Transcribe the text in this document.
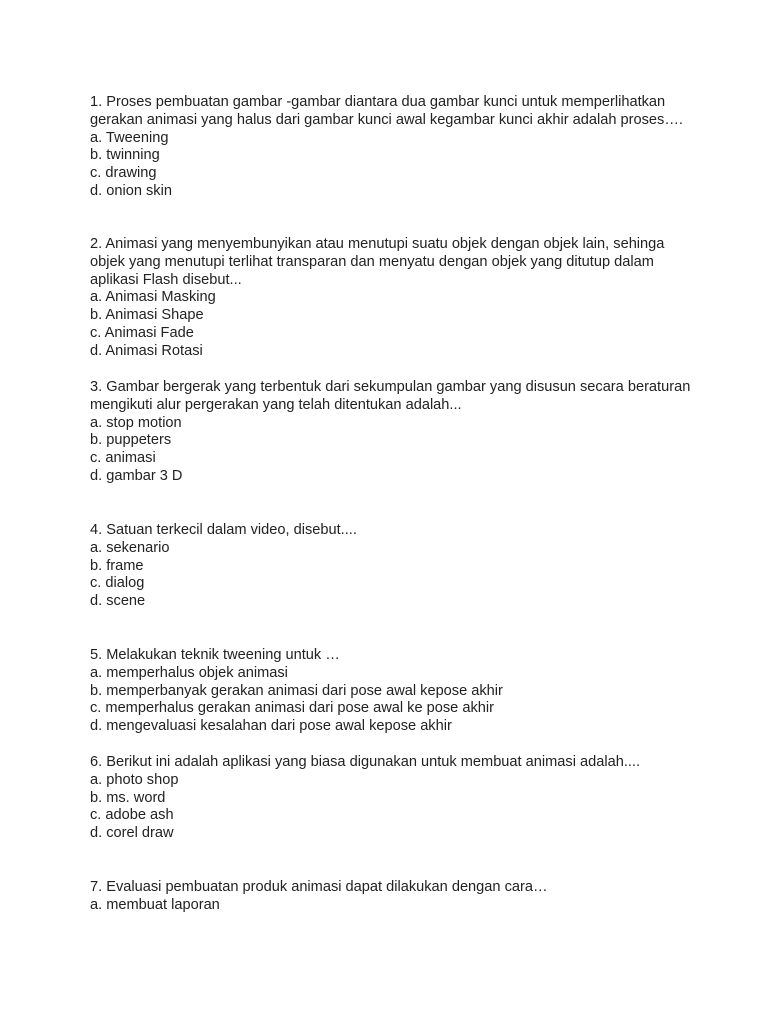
1. Proses pembuatan gambar -gambar diantara dua gambar kunci untuk memperlihatkan gerakan animasi yang halus dari gambar kunci awal kegambar kunci akhir adalah proses….
a. Tweening
b. twinning
c. drawing
d. onion skin
2. Animasi yang menyembunyikan atau menutupi suatu objek dengan objek lain, sehinga objek yang menutupi terlihat transparan dan menyatu dengan objek yang ditutup dalam aplikasi Flash disebut...
a. Animasi Masking
b. Animasi Shape
c. Animasi Fade
d. Animasi Rotasi
3. Gambar bergerak yang terbentuk dari sekumpulan gambar yang disusun secara beraturan mengikuti alur pergerakan yang telah ditentukan adalah...
a. stop motion
b. puppeters
c. animasi
d. gambar 3 D
4. Satuan terkecil dalam video, disebut....
a. sekenario
b. frame
c. dialog
d. scene
5. Melakukan teknik tweening untuk …
a. memperhalus objek animasi
b. memperbanyak gerakan animasi dari pose awal kepose akhir
c. memperhalus gerakan animasi dari pose awal ke pose akhir
d. mengevaluasi kesalahan dari pose awal kepose akhir
6. Berikut ini adalah aplikasi yang biasa digunakan untuk membuat animasi adalah....
a. photo shop
b. ms. word
c. adobe ash
d. corel draw
7. Evaluasi pembuatan produk animasi dapat dilakukan dengan cara…
a. membuat laporan
